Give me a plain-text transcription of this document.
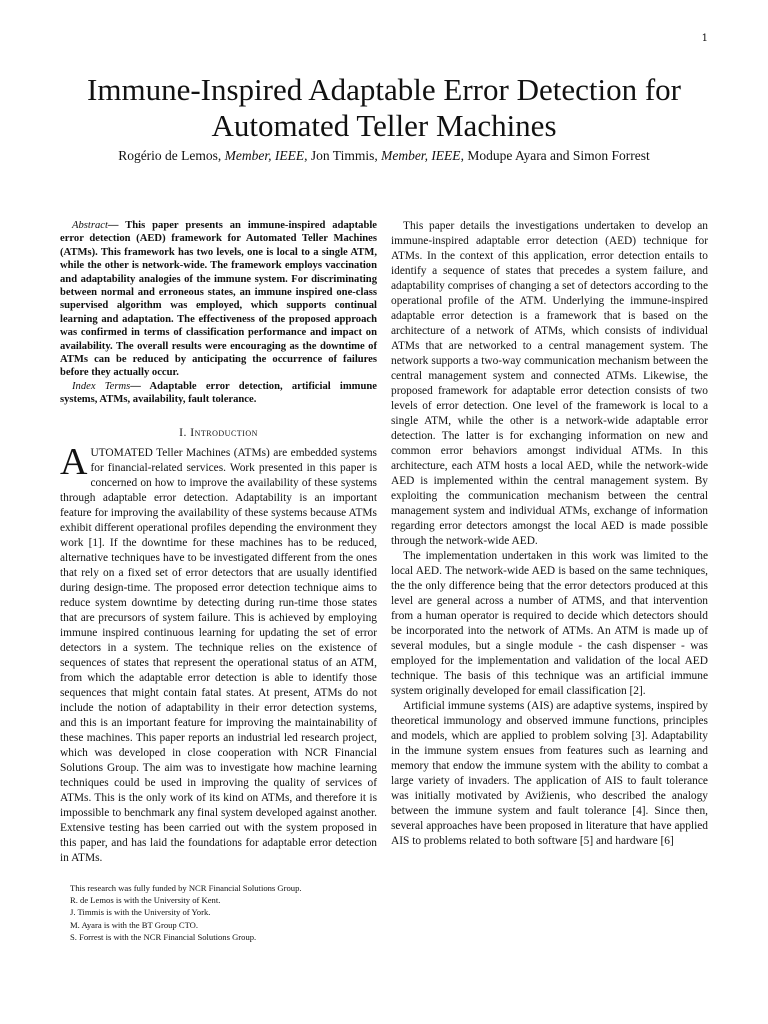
1
Immune-Inspired Adaptable Error Detection for Automated Teller Machines
Rogério de Lemos, Member, IEEE, Jon Timmis, Member, IEEE, Modupe Ayara and Simon Forrest

Abstract— This paper presents an immune-inspired adaptable error detection (AED) framework for Automated Teller Machines (ATMs). This framework has two levels, one is local to a single ATM, while the other is network-wide. The framework employs vaccination and adaptability analogies of the immune system. For discriminating between normal and erroneous states, an immune inspired one-class supervised algorithm was employed, which supports continual learning and adaptation. The effectiveness of the proposed approach was confirmed in terms of classification performance and impact on availability. The overall results were encouraging as the downtime of ATMs can be reduced by anticipating the occurrence of failures before they actually occur.

Index Terms— Adaptable error detection, artificial immune systems, ATMs, availability, fault tolerance.

I. Introduction

AUTOMATED Teller Machines (ATMs) are embedded systems for financial-related services. Work presented in this paper is concerned on how to improve the availability of these systems through adaptable error detection. Adaptability is an important feature for improving the availability of these systems because ATMs exhibit different operational profiles depending the environment they work [1]. If the downtime for these machines has to be reduced, alternative techniques have to be investigated different from the ones that rely on a fixed set of error detectors that are usually identified during design-time. The proposed error detection technique aims to reduce system downtime by detecting during run-time those states that are precursors of system failure. This is achieved by employing immune inspired continuous learning for updating the set of error detectors in a system. The technique relies on the existence of sequences of states that represent the operational status of an ATM, from which the adaptable error detection is able to identify those sequences that might contain fatal states. At present, ATMs do not include the notion of adaptability in their error detection systems, and this is an important feature for improving the maintainability of these machines. This paper reports an industrial led research project, which was developed in close cooperation with NCR Financial Solutions Group. The aim was to investigate how machine learning techniques could be used in improving the quality of services of ATMs. This is the only work of its kind on ATMs, and therefore it is impossible to benchmark any final system developed against another. Extensive testing has been carried out with the system proposed in this paper, and has laid the foundations for adaptable error detection in ATMs.

This research was fully funded by NCR Financial Solutions Group.
R. de Lemos is with the University of Kent.
J. Timmis is with the University of York.
M. Ayara is with the BT Group CTO.
S. Forrest is with the NCR Financial Solutions Group.

This paper details the investigations undertaken to develop an immune-inspired adaptable error detection (AED) technique for ATMs. In the context of this application, error detection entails to identify a sequence of states that precedes a system failure, and adaptability comprises of changing a set of detectors according to the operational profile of the ATM. Underlying the immune-inspired adaptable error detection is a framework that is based on the architecture of a network of ATMs, which consists of individual ATMs that are networked to a central management system. The network supports a two-way communication mechanism between the central management system and connected ATMs. Likewise, the proposed framework for adaptable error detection consists of two levels of error detection. One level of the framework is local to a single ATM, while the other is a network-wide adaptable error detection. The latter is for exchanging information on new and common error behaviors amongst individual ATMs. In this architecture, each ATM hosts a local AED, while the network-wide AED is implemented within the central management system. By exploiting the communication mechanism between the central management system and individual ATMs, exchange of information regarding error detectors amongst the local AED is made possible through the network-wide AED.

The implementation undertaken in this work was limited to the local AED. The network-wide AED is based on the same techniques, the the only difference being that the error detectors produced at this level are general across a number of ATMS, and that intervention from a human operator is required to decide which detectors should be incorporated into the network of ATMs. An ATM is made up of several modules, but a single module - the cash dispenser - was employed for the implementation and validation of the local AED technique. The basis of this technique was an artificial immune system originally developed for email classification [2].

Artificial immune systems (AIS) are adaptive systems, inspired by theoretical immunology and observed immune functions, principles and models, which are applied to problem solving [3]. Adaptability in the immune system ensues from features such as learning and memory that endow the immune system with the ability to combat a large variety of invaders. The application of AIS to fault tolerance was initially motivated by Avižienis, who described the analogy between the immune system and fault tolerance [4]. Since then, several approaches have been proposed in literature that have applied AIS to problems related to both software [5] and hardware [6]
